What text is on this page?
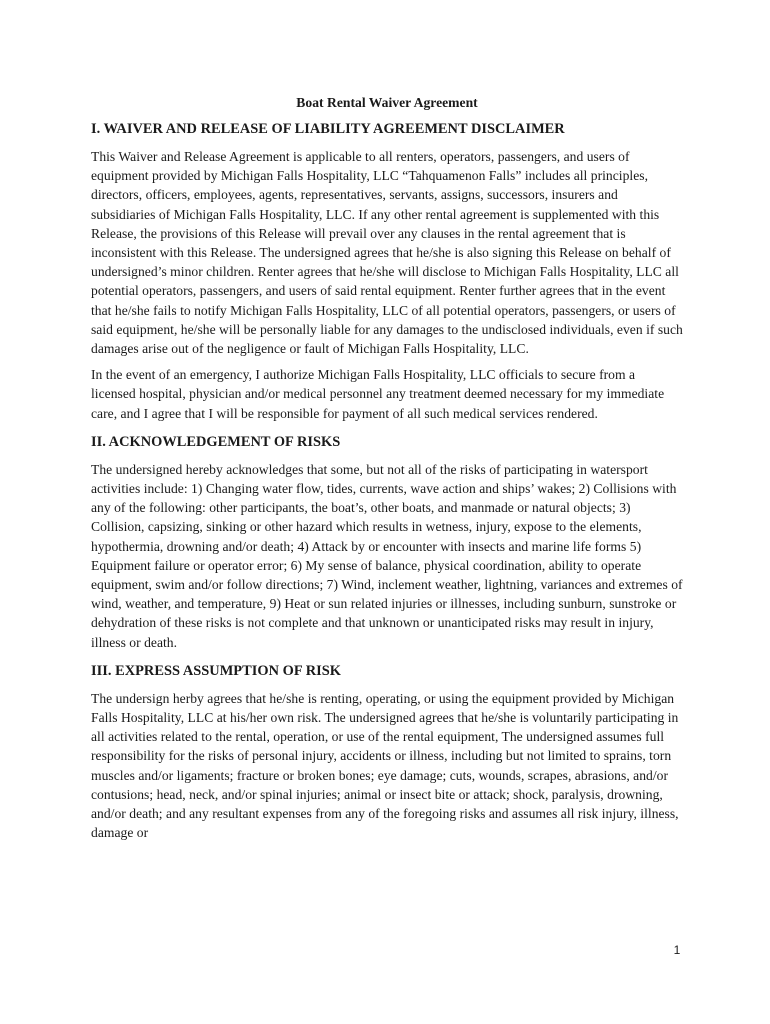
Boat Rental Waiver Agreement
I. WAIVER AND RELEASE OF LIABILITY AGREEMENT DISCLAIMER

This Waiver and Release Agreement is applicable to all renters, operators, passengers, and users of equipment provided by Michigan Falls Hospitality, LLC “Tahquamenon Falls” includes all principles, directors, officers, employees, agents, representatives, servants, assigns, successors, insurers and subsidiaries of Michigan Falls Hospitality, LLC. If any other rental agreement is supplemented with this Release, the provisions of this Release will prevail over any clauses in the rental agreement that is inconsistent with this Release. The undersigned agrees that he/she is also signing this Release on behalf of undersigned’s minor children. Renter agrees that he/she will disclose to Michigan Falls Hospitality, LLC all potential operators, passengers, and users of said rental equipment. Renter further agrees that in the event that he/she fails to notify Michigan Falls Hospitality, LLC of all potential operators, passengers, or users of said equipment, he/she will be personally liable for any damages to the undisclosed individuals, even if such damages arise out of the negligence or fault of Michigan Falls Hospitality, LLC.

In the event of an emergency, I authorize Michigan Falls Hospitality, LLC officials to secure from a licensed hospital, physician and/or medical personnel any treatment deemed necessary for my immediate care, and I agree that I will be responsible for payment of all such medical services rendered.

II. ACKNOWLEDGEMENT OF RISKS

The undersigned hereby acknowledges that some, but not all of the risks of participating in watersport activities include: 1) Changing water flow, tides, currents, wave action and ships’ wakes; 2) Collisions with any of the following: other participants, the boat’s, other boats, and manmade or natural objects; 3) Collision, capsizing, sinking or other hazard which results in wetness, injury, expose to the elements, hypothermia, drowning and/or death; 4) Attack by or encounter with insects and marine life forms 5) Equipment failure or operator error; 6) My sense of balance, physical coordination, ability to operate equipment, swim and/or follow directions; 7) Wind, inclement weather, lightning, variances and extremes of wind, weather, and temperature, 9) Heat or sun related injuries or illnesses, including sunburn, sunstroke or dehydration of these risks is not complete and that unknown or unanticipated risks may result in injury, illness or death.

III. EXPRESS ASSUMPTION OF RISK

The undersign herby agrees that he/she is renting, operating, or using the equipment provided by Michigan Falls Hospitality, LLC at his/her own risk. The undersigned agrees that he/she is voluntarily participating in all activities related to the rental, operation, or use of the rental equipment, The undersigned assumes full responsibility for the risks of personal injury, accidents or illness, including but not limited to sprains, torn muscles and/or ligaments; fracture or broken bones; eye damage; cuts, wounds, scrapes, abrasions, and/or contusions; head, neck, and/or spinal injuries; animal or insect bite or attack; shock, paralysis, drowning, and/or death; and any resultant expenses from any of the foregoing risks and assumes all risk injury, illness, damage or

1
